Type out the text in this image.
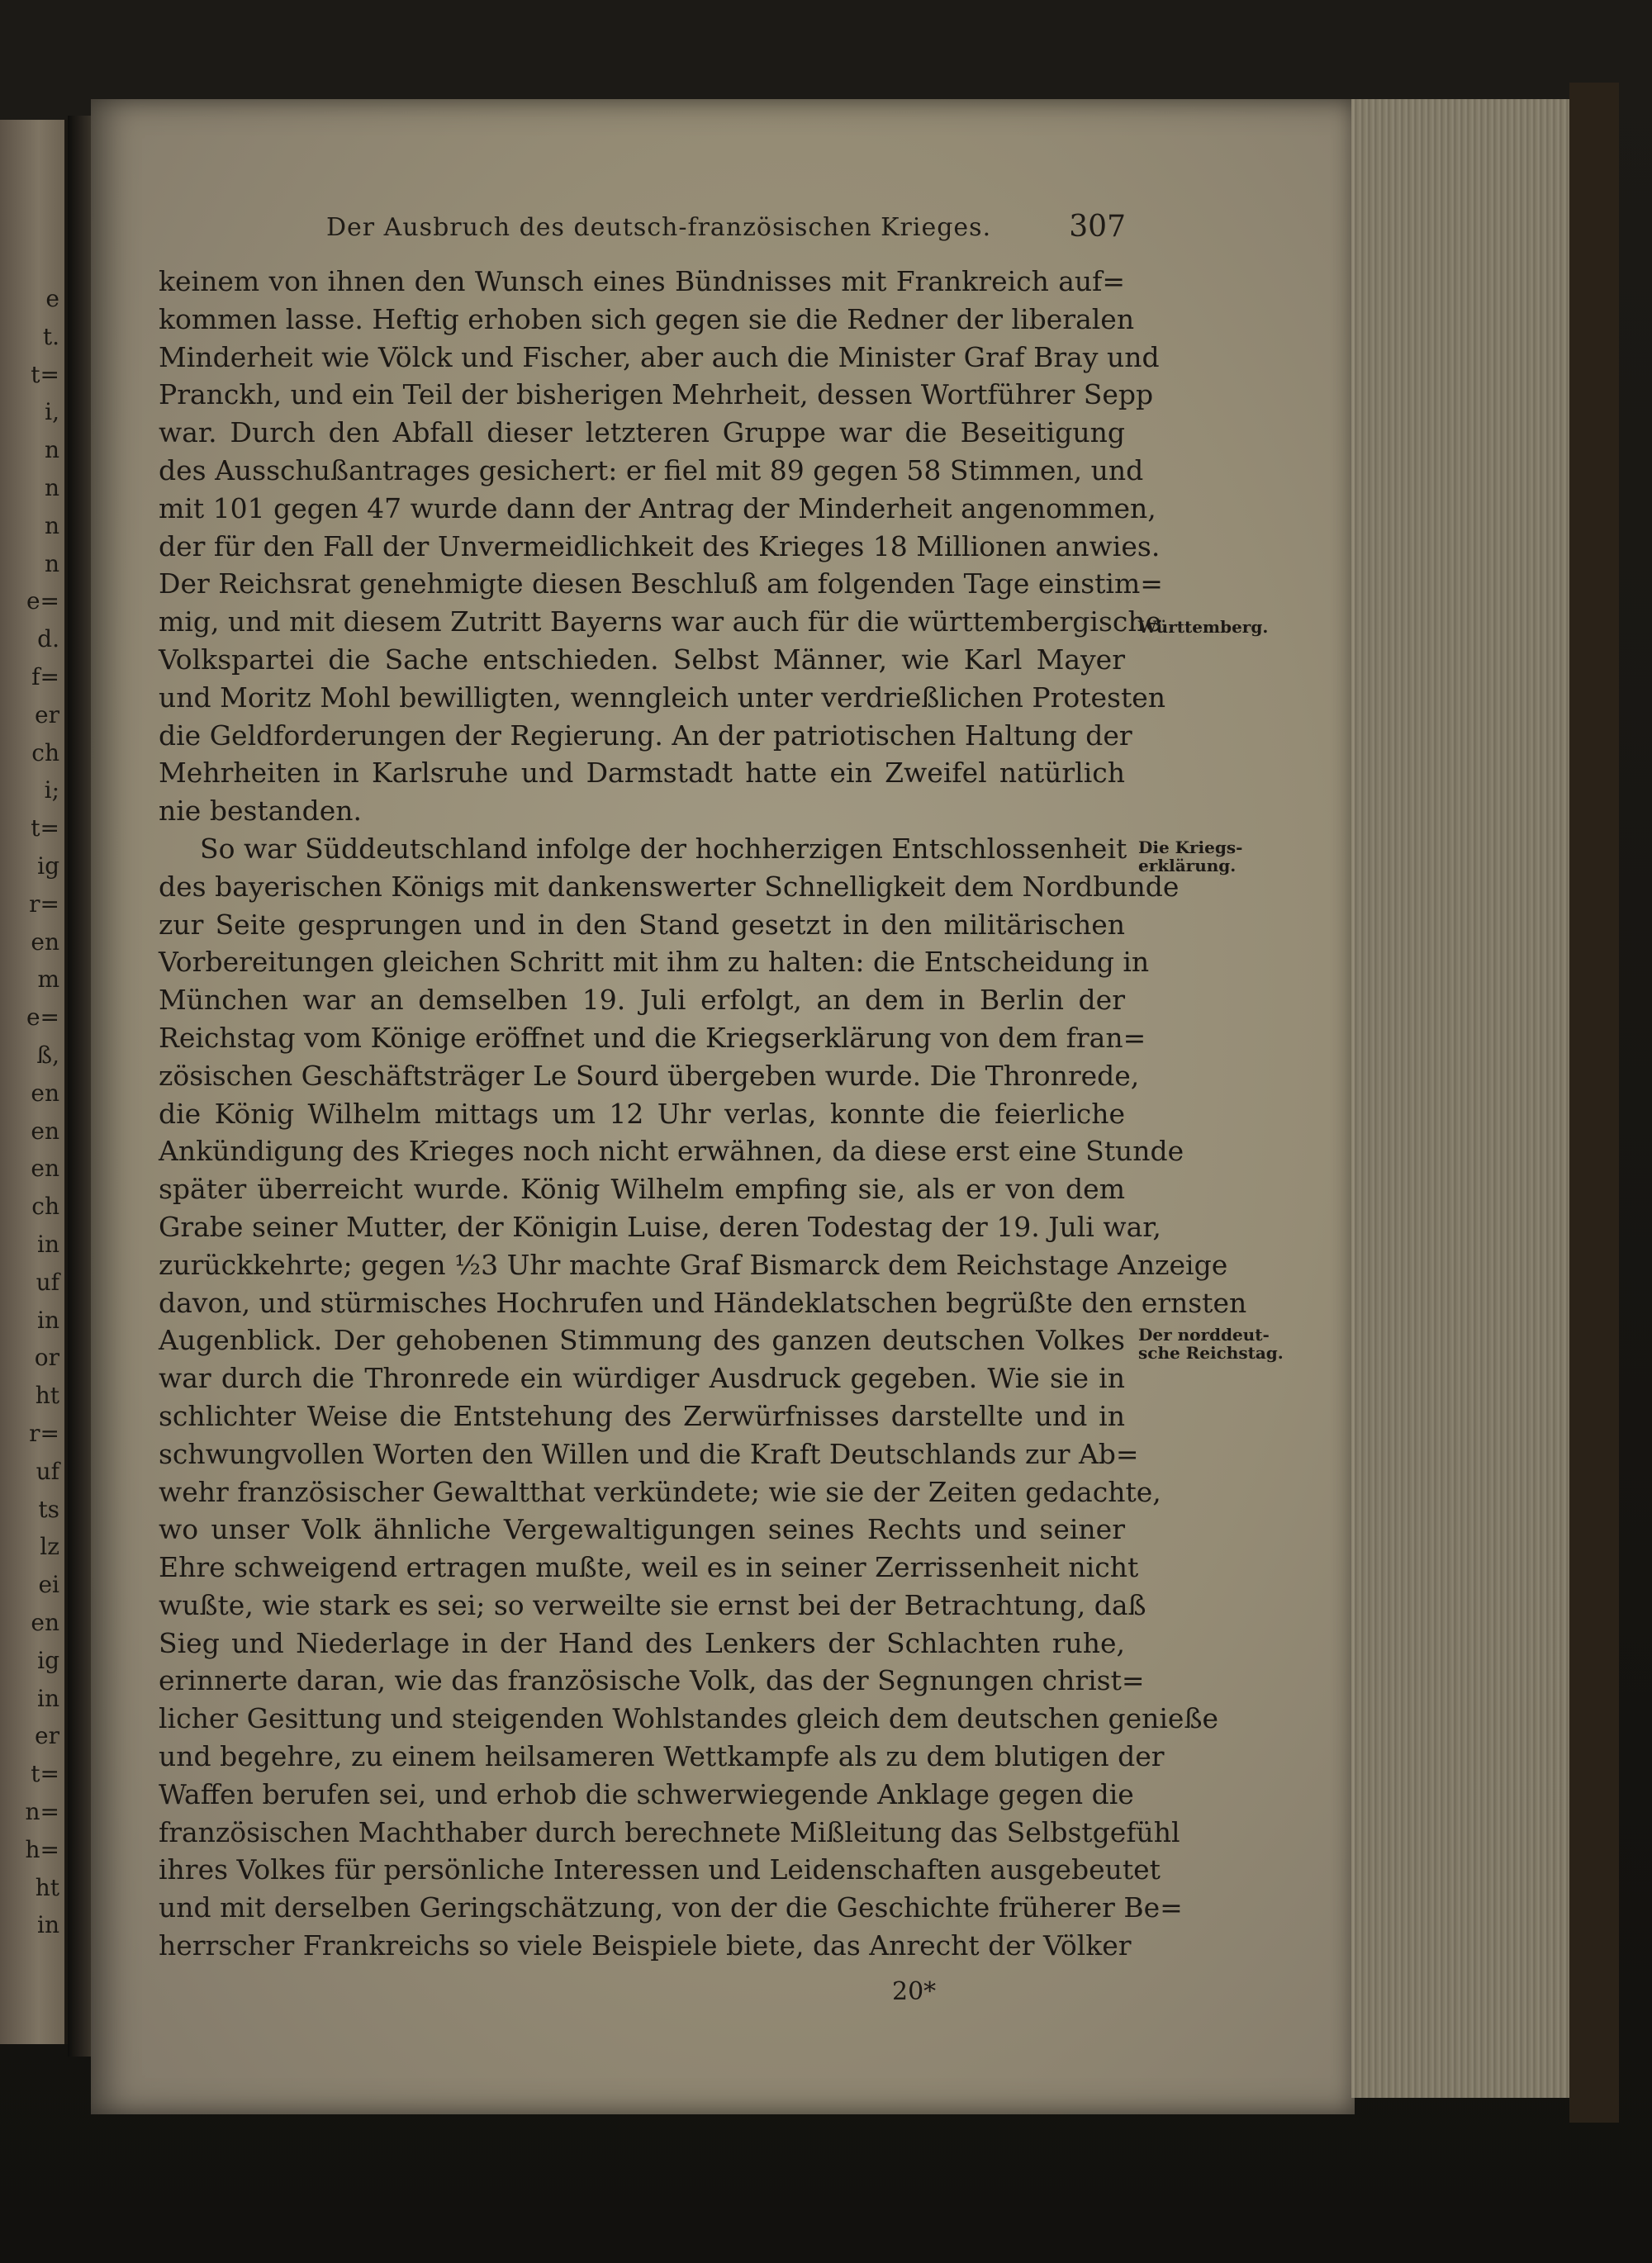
e
t.
t=
i,
n
n
n
n
e=
d.
f=
er
ch
i;
t=
ig
r=
en
m
e=
ß,
en
en
en
ch
in
uf
in
or
ht
r=
uf
ts
lz
ei
en
ig
in
er
t=
n=
h=
ht
in
Der Ausbruch des deutsch-französischen Krieges.	307
keinem von ihnen den Wunsch eines Bündnisses mit Frankreich auf=
kommen lasse. Heftig erhoben sich gegen sie die Redner der liberalen
Minderheit wie Völck und Fischer, aber auch die Minister Graf Bray und
Pranckh, und ein Teil der bisherigen Mehrheit, dessen Wortführer Sepp
war. Durch den Abfall dieser letzteren Gruppe war die Beseitigung
des Ausschußantrages gesichert: er fiel mit 89 gegen 58 Stimmen, und
mit 101 gegen 47 wurde dann der Antrag der Minderheit angenommen,
der für den Fall der Unvermeidlichkeit des Krieges 18 Millionen anwies.
Der Reichsrat genehmigte diesen Beschluß am folgenden Tage einstim=
mig, und mit diesem Zutritt Bayerns war auch für die württembergische
Volkspartei die Sache entschieden. Selbst Männer, wie Karl Mayer
und Moritz Mohl bewilligten, wenngleich unter verdrießlichen Protesten
die Geldforderungen der Regierung. An der patriotischen Haltung der
Mehrheiten in Karlsruhe und Darmstadt hatte ein Zweifel natürlich
nie bestanden.
So war Süddeutschland infolge der hochherzigen Entschlossenheit
des bayerischen Königs mit dankenswerter Schnelligkeit dem Nordbunde
zur Seite gesprungen und in den Stand gesetzt in den militärischen
Vorbereitungen gleichen Schritt mit ihm zu halten: die Entscheidung in
München war an demselben 19. Juli erfolgt, an dem in Berlin der
Reichstag vom Könige eröffnet und die Kriegserklärung von dem fran=
zösischen Geschäftsträger Le Sourd übergeben wurde. Die Thronrede,
die König Wilhelm mittags um 12 Uhr verlas, konnte die feierliche
Ankündigung des Krieges noch nicht erwähnen, da diese erst eine Stunde
später überreicht wurde. König Wilhelm empfing sie, als er von dem
Grabe seiner Mutter, der Königin Luise, deren Todestag der 19. Juli war,
zurückkehrte; gegen ½3 Uhr machte Graf Bismarck dem Reichstage Anzeige
davon, und stürmisches Hochrufen und Händeklatschen begrüßte den ernsten
Augenblick. Der gehobenen Stimmung des ganzen deutschen Volkes
war durch die Thronrede ein würdiger Ausdruck gegeben. Wie sie in
schlichter Weise die Entstehung des Zerwürfnisses darstellte und in
schwungvollen Worten den Willen und die Kraft Deutschlands zur Ab=
wehr französischer Gewaltthat verkündete; wie sie der Zeiten gedachte,
wo unser Volk ähnliche Vergewaltigungen seines Rechts und seiner
Ehre schweigend ertragen mußte, weil es in seiner Zerrissenheit nicht
wußte, wie stark es sei; so verweilte sie ernst bei der Betrachtung, daß
Sieg und Niederlage in der Hand des Lenkers der Schlachten ruhe,
erinnerte daran, wie das französische Volk, das der Segnungen christ=
licher Gesittung und steigenden Wohlstandes gleich dem deutschen genieße
und begehre, zu einem heilsameren Wettkampfe als zu dem blutigen der
Waffen berufen sei, und erhob die schwerwiegende Anklage gegen die
französischen Machthaber durch berechnete Mißleitung das Selbstgefühl
ihres Volkes für persönliche Interessen und Leidenschaften ausgebeutet
und mit derselben Geringschätzung, von der die Geschichte früherer Be=
herrscher Frankreichs so viele Beispiele biete, das Anrecht der Völker
Württemberg.
Die Kriegs-
erklärung.
Der norddeut-
sche Reichstag.
20*
